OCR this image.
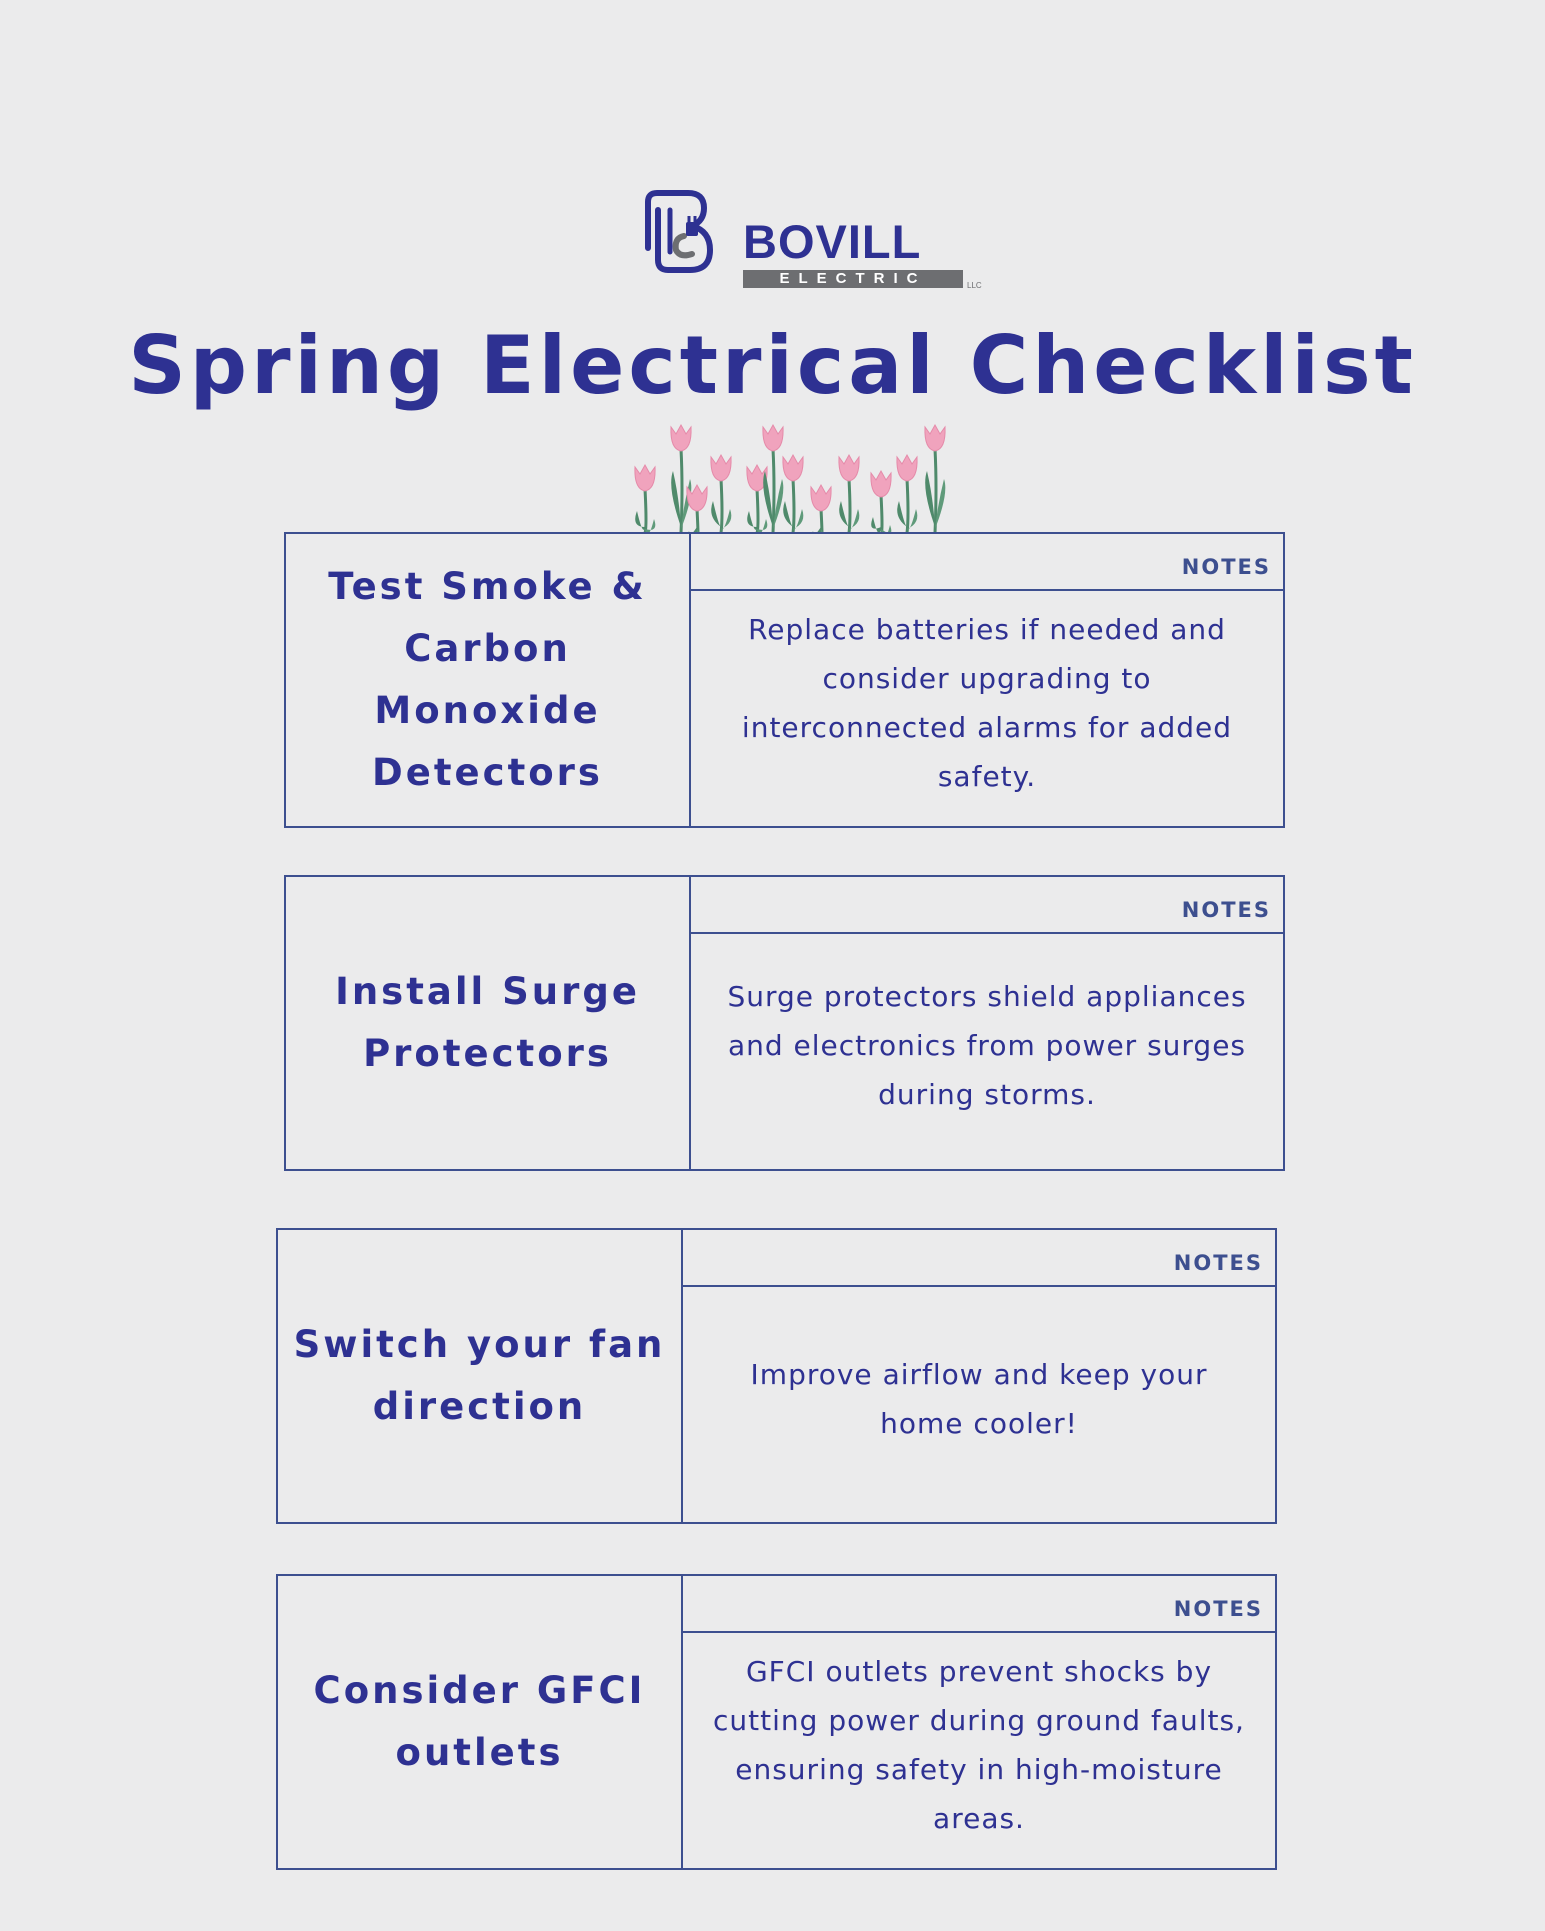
BOVILL
ELECTRIC	LLC
Spring Electrical Checklist
Test Smoke & Carbon Monoxide Detectors
NOTES
Replace batteries if needed and consider upgrading to interconnected alarms for added safety.
Install Surge Protectors
NOTES
Surge protectors shield appliances and electronics from power surges during storms.
Switch your fan direction
NOTES
Improve airflow and keep your home cooler!
Consider GFCI outlets
NOTES
GFCI outlets prevent shocks by cutting power during ground faults, ensuring safety in high-moisture areas.
